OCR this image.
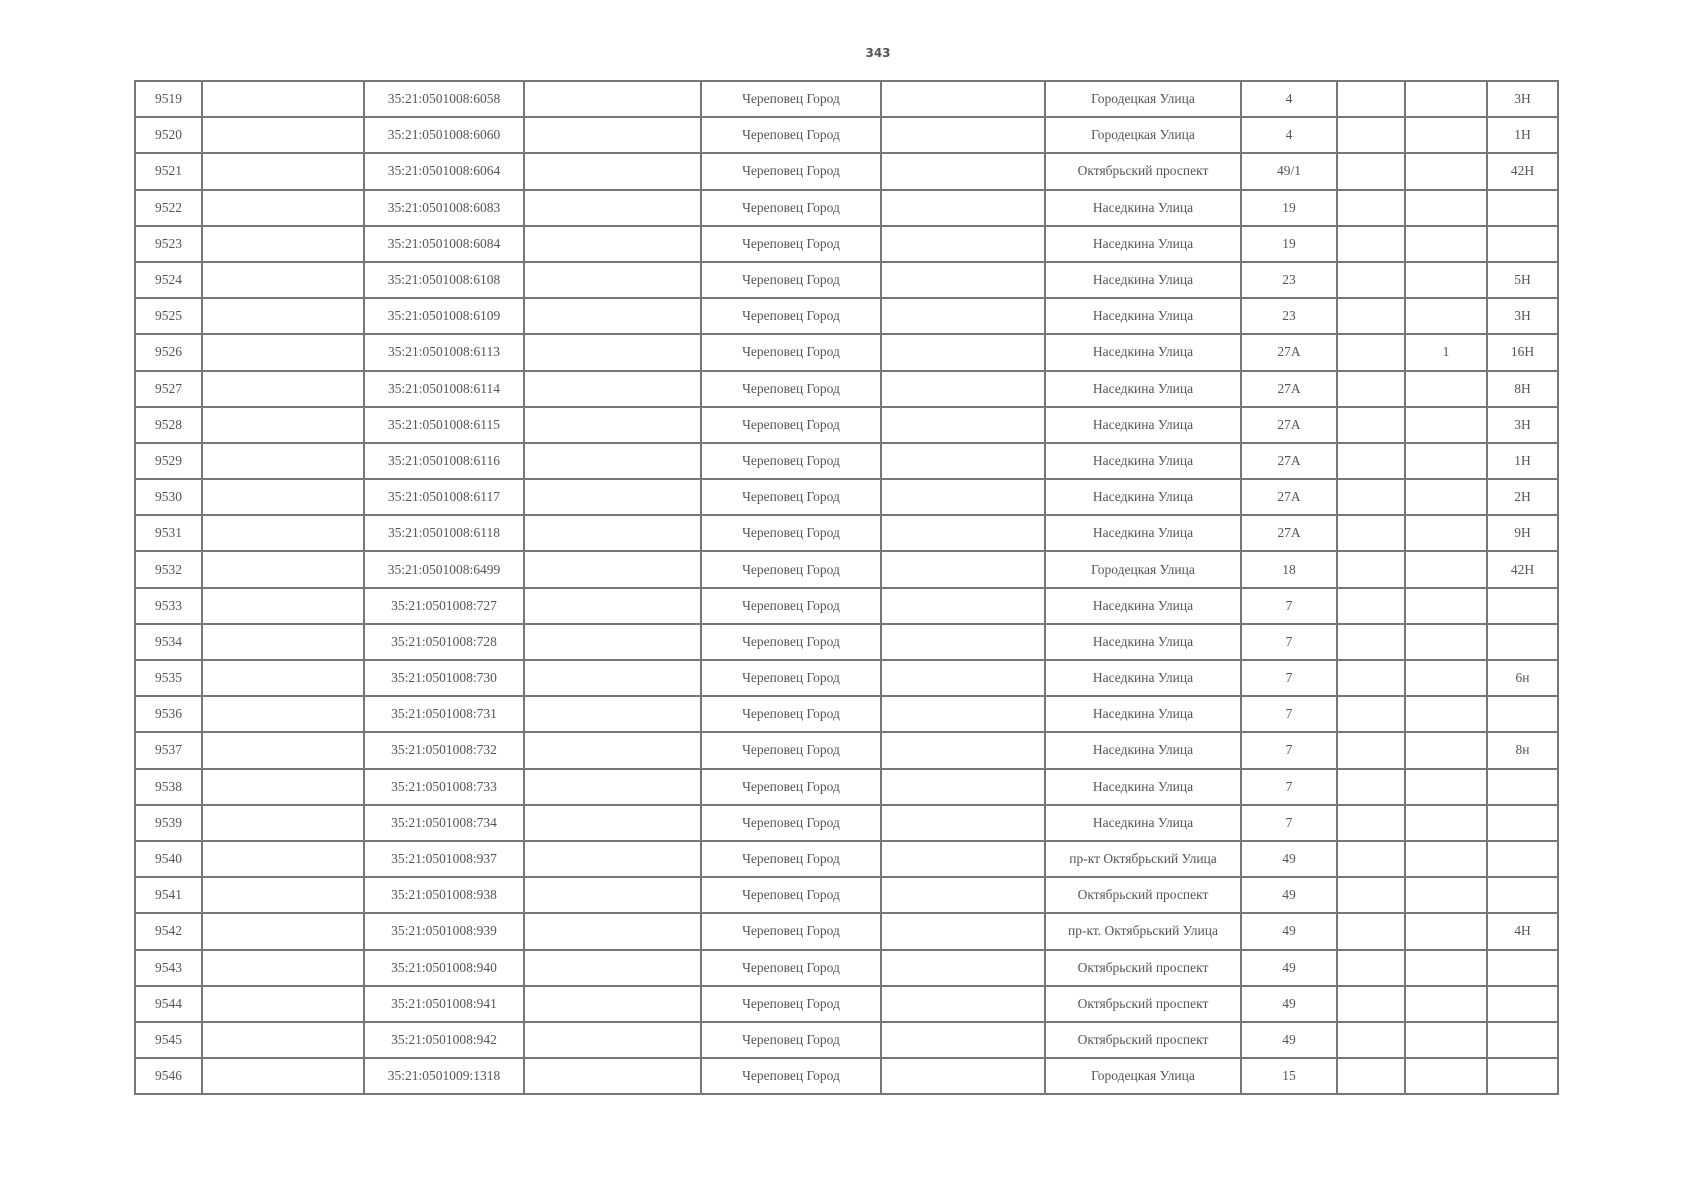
343
9519		35:21:0501008:6058		Череповец Город		Городецкая Улица	4			3Н
9520		35:21:0501008:6060		Череповец Город		Городецкая Улица	4			1Н
9521		35:21:0501008:6064		Череповец Город		Октябрьский проспект	49/1			42Н
9522		35:21:0501008:6083		Череповец Город		Наседкина Улица	19			
9523		35:21:0501008:6084		Череповец Город		Наседкина Улица	19			
9524		35:21:0501008:6108		Череповец Город		Наседкина Улица	23			5Н
9525		35:21:0501008:6109		Череповец Город		Наседкина Улица	23			3Н
9526		35:21:0501008:6113		Череповец Город		Наседкина Улица	27А		1	16Н
9527		35:21:0501008:6114		Череповец Город		Наседкина Улица	27А			8Н
9528		35:21:0501008:6115		Череповец Город		Наседкина Улица	27А			3Н
9529		35:21:0501008:6116		Череповец Город		Наседкина Улица	27А			1Н
9530		35:21:0501008:6117		Череповец Город		Наседкина Улица	27А			2Н
9531		35:21:0501008:6118		Череповец Город		Наседкина Улица	27А			9Н
9532		35:21:0501008:6499		Череповец Город		Городецкая Улица	18			42Н
9533		35:21:0501008:727		Череповец Город		Наседкина Улица	7			
9534		35:21:0501008:728		Череповец Город		Наседкина Улица	7			
9535		35:21:0501008:730		Череповец Город		Наседкина Улица	7			6н
9536		35:21:0501008:731		Череповец Город		Наседкина Улица	7			
9537		35:21:0501008:732		Череповец Город		Наседкина Улица	7			8н
9538		35:21:0501008:733		Череповец Город		Наседкина Улица	7			
9539		35:21:0501008:734		Череповец Город		Наседкина Улица	7			
9540		35:21:0501008:937		Череповец Город		пр-кт Октябрьский Улица	49			
9541		35:21:0501008:938		Череповец Город		Октябрьский проспект	49			
9542		35:21:0501008:939		Череповец Город		пр-кт. Октябрьский Улица	49			4Н
9543		35:21:0501008:940		Череповец Город		Октябрьский проспект	49			
9544		35:21:0501008:941		Череповец Город		Октябрьский проспект	49			
9545		35:21:0501008:942		Череповец Город		Октябрьский проспект	49			
9546		35:21:0501009:1318		Череповец Город		Городецкая Улица	15			
